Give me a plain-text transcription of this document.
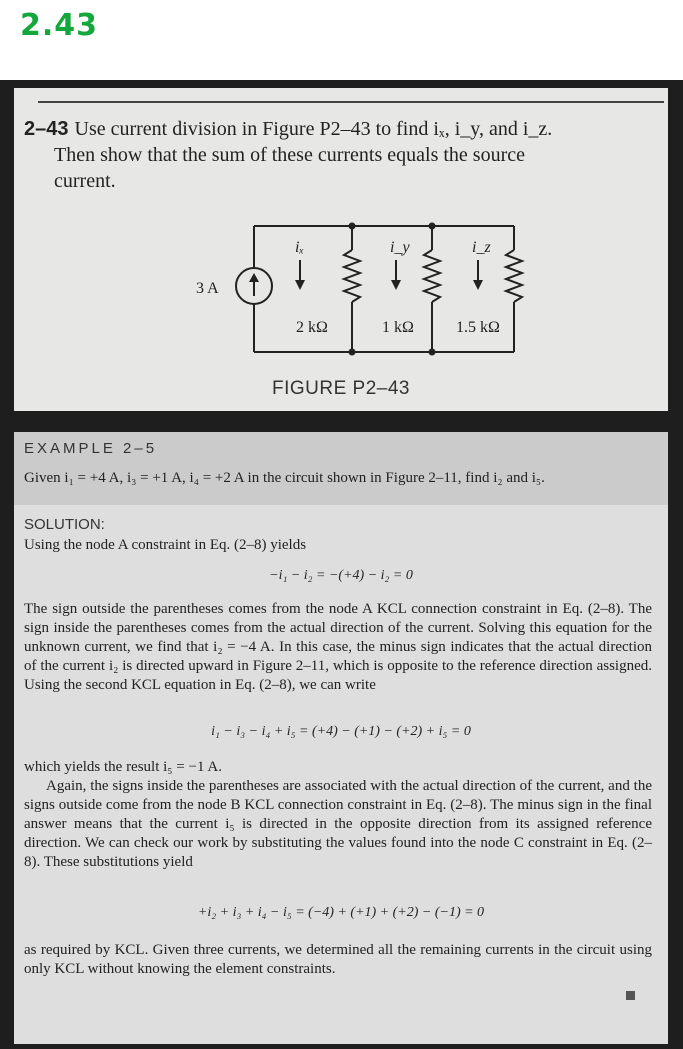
2.43
2–43 Use current division in Figure P2–43 to find iₓ, i_y, and i_z.
Then show that the sum of these currents equals the source
current.
3 A
iₓ	i_y	i_z
2 kΩ	1 kΩ	1.5 kΩ
FIGURE P2–43
EXAMPLE 2–5
Given i₁ = +4 A, i₃ = +1 A, i₄ = +2 A in the circuit shown in Figure 2–11, find i₂ and i₅.
SOLUTION:

Using the node A constraint in Eq. (2–8) yields

−i₁ − i₂ = −(+4) − i₂ = 0

The sign outside the parentheses comes from the node A KCL connection constraint in Eq. (2–8). The sign inside the parentheses comes from the actual direction of the current. Solving this equation for the unknown current, we find that i₂ = −4 A. In this case, the minus sign indicates that the actual direction of the current i₂ is directed upward in Figure 2–11, which is opposite to the reference direction assigned. Using the second KCL equation in Eq. (2–8), we can write

i₁ − i₃ − i₄ + i₅ = (+4) − (+1) − (+2) + i₅ = 0

which yields the result i₅ = −1 A.

Again, the signs inside the parentheses are associated with the actual direction of the current, and the signs outside come from the node B KCL connection constraint in Eq. (2–8). The minus sign in the final answer means that the current i₅ is directed in the opposite direction from its assigned reference direction. We can check our work by substituting the values found into the node C constraint in Eq. (2–8). These substitutions yield

+i₂ + i₃ + i₄ − i₅ = (−4) + (+1) + (+2) − (−1) = 0

as required by KCL. Given three currents, we determined all the remaining currents in the circuit using only KCL without knowing the element constraints.
